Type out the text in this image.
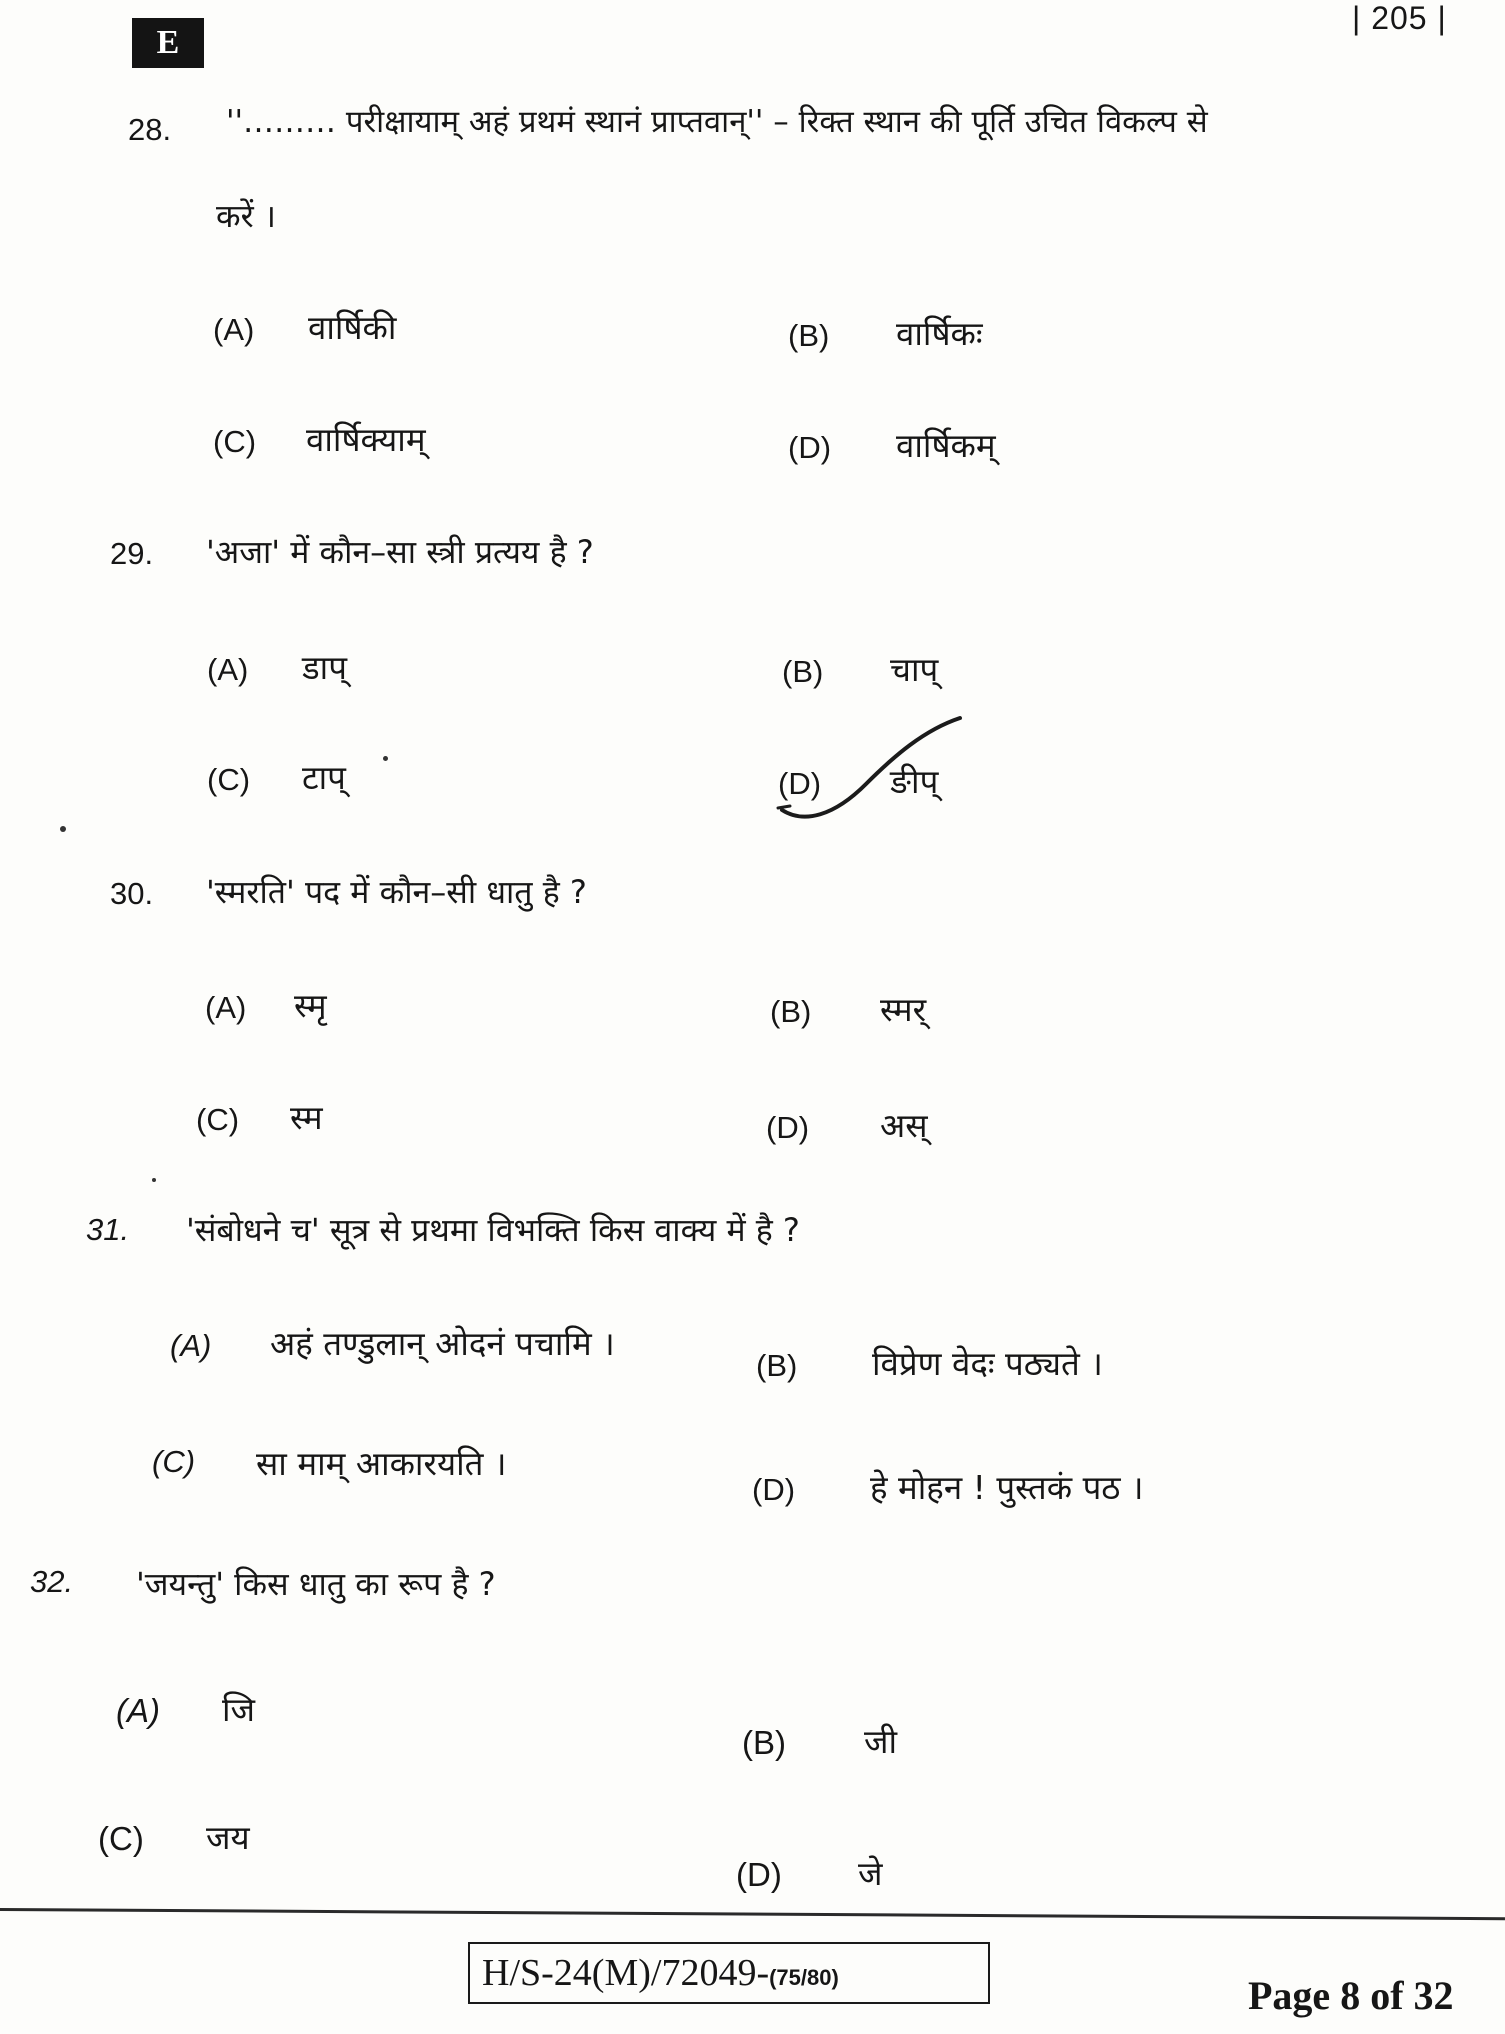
E
| 205 |
28. ''……… परीक्षायाम् अहं प्रथमं स्थानं प्राप्तवान्'' – रिक्त स्थान की पूर्ति उचित विकल्प से
करें ।
(A) वार्षिकी	(B) वार्षिकः
(C) वार्षिक्याम्	(D) वार्षिकम्
29. 'अजा' में कौन–सा स्त्री प्रत्यय है ?
(A) डाप्	(B) चाप्
(C) टाप्	(D) ङीप्
30. 'स्मरति' पद में कौन–सी धातु है ?
(A) स्मृ	(B) स्मर्
(C) स्म	(D) अस्
31. 'संबोधने च' सूत्र से प्रथमा विभक्ति किस वाक्य में है ?
(A) अहं तण्डुलान् ओदनं पचामि ।
(B) विप्रेण वेदः पठ्यते ।
(C) सा माम् आकारयति ।
(D) हे मोहन ! पुस्तकं पठ ।
32. 'जयन्तु' किस धातु का रूप है ?
(A) जि
(B) जी
(C) जय
(D) जे
H/S-24(M)/72049-(75/80)	Page 8 of 32
